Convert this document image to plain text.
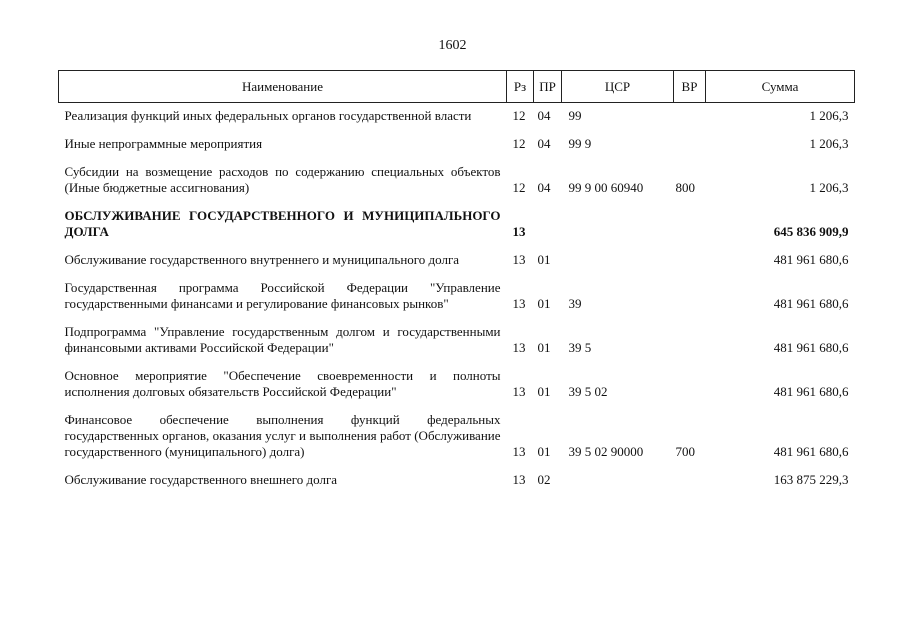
1602
Наименование	Рз	ПР	ЦСР	ВР	Сумма

Реализация функций иных федеральных органов государственной власти	12	04	99		1 206,3

Иные непрограммные мероприятия	12	04	99 9		1 206,3

Субсидии на возмещение расходов по содержанию специальных объектов (Иные бюджетные ассигнования)	12	04	99 9 00 60940	800	1 206,3

ОБСЛУЖИВАНИЕ ГОСУДАРСТВЕННОГО И МУНИЦИПАЛЬНОГО ДОЛГА	13				645 836 909,9

Обслуживание государственного внутреннего и муниципального долга	13	01			481 961 680,6

Государственная программа Российской Федерации "Управление государственными финансами и регулирование финансовых рынков"	13	01	39		481 961 680,6

Подпрограмма "Управление государственным долгом и государственными финансовыми активами Российской Федерации"	13	01	39 5		481 961 680,6

Основное мероприятие "Обеспечение своевременности и полноты исполнения долговых обязательств Российской Федерации"	13	01	39 5 02		481 961 680,6

Финансовое обеспечение выполнения функций федеральных государственных органов, оказания услуг и выполнения работ (Обслуживание государственного (муниципального) долга)	13	01	39 5 02 90000	700	481 961 680,6

Обслуживание государственного внешнего долга	13	02			163 875 229,3
